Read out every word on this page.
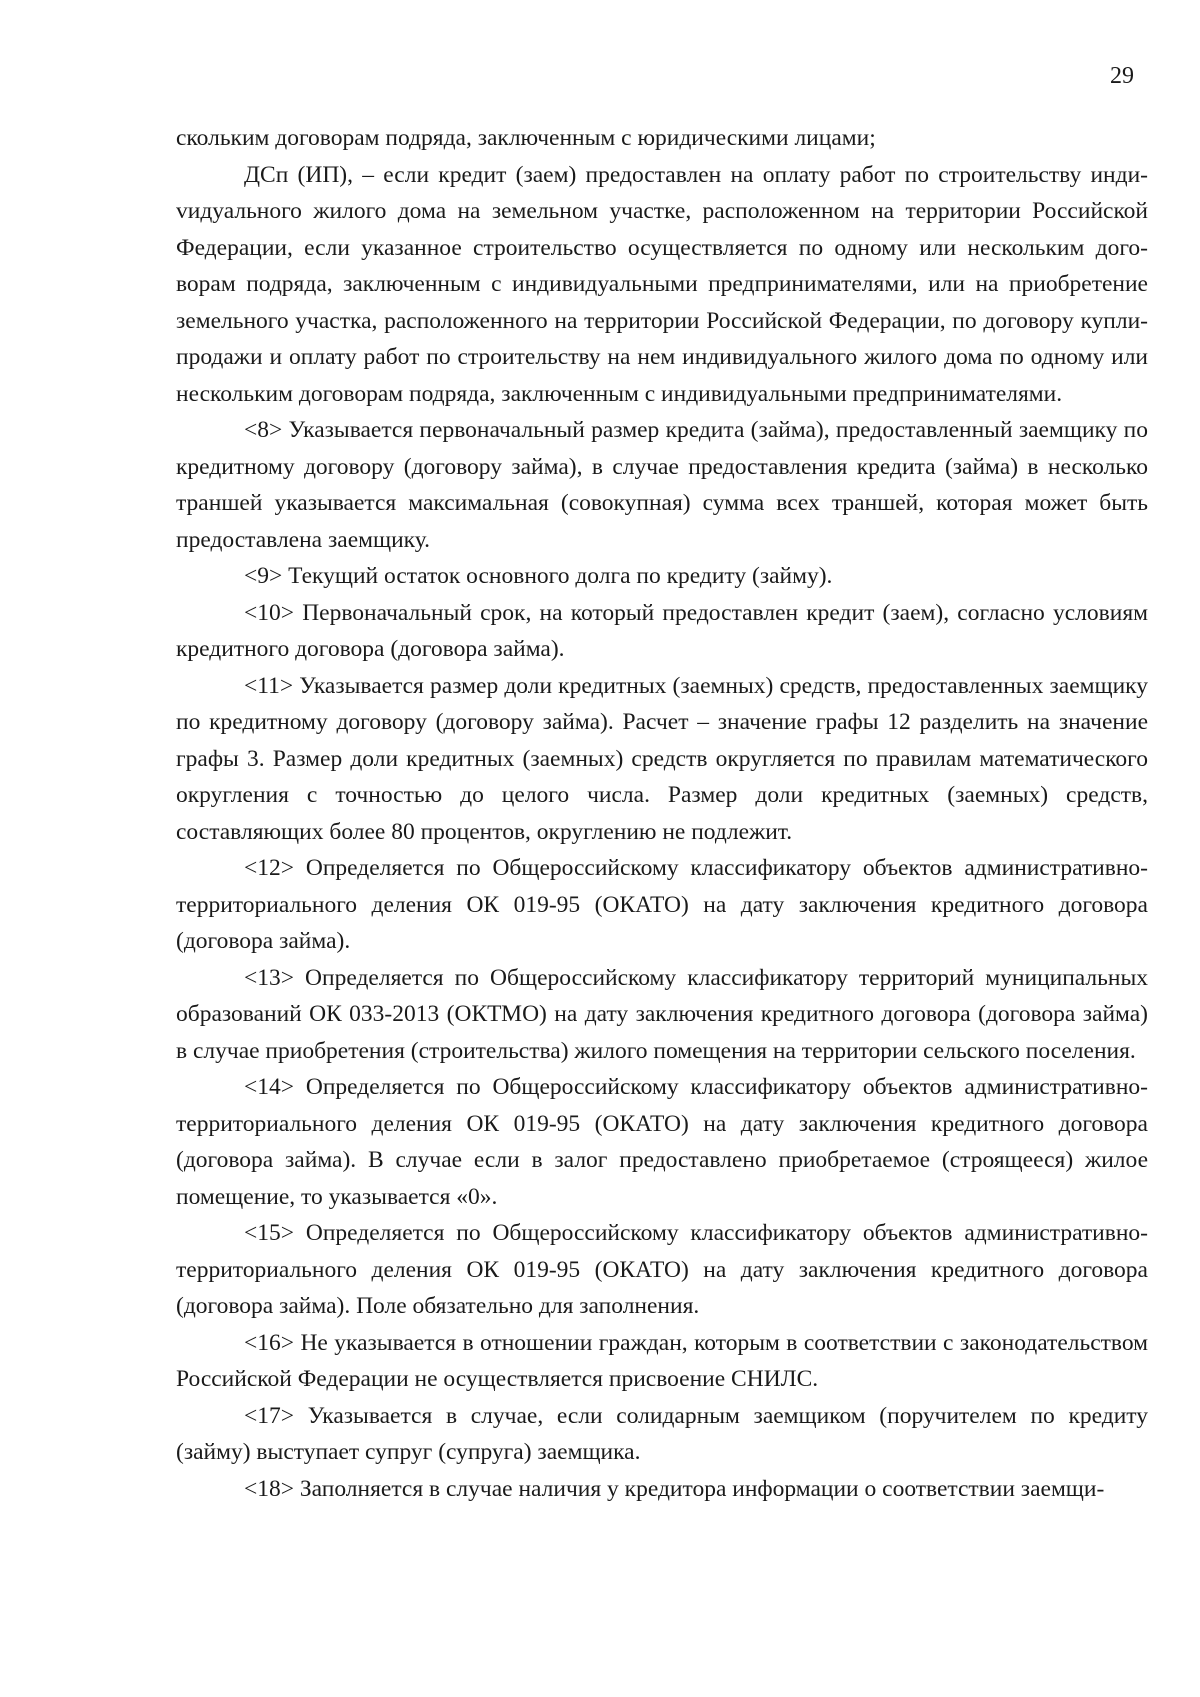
29

скольким договорам подряда, заключенным с юридическими лицами;

ДСп (ИП), – если кредит (заем) предоставлен на оплату работ по строительству индиvидуального жилого дома на земельном участке, расположенном на территории Российской Федерации, если указанное строительство осуществляется по одному или нескольким договорам подряда, заключенным с индивидуальными предпринимателями, или на приобретение земельного участка, расположенного на территории Российской Федерации, по договору купли-продажи и оплату работ по строительству на нем индивидуального жилого дома по одному или нескольким договорам подряда, заключенным с индивидуальными предпринимателями.

<8> Указывается первоначальный размер кредита (займа), предоставленный заемщику по кредитному договору (договору займа), в случае предоставления кредита (займа) в несколько траншей указывается максимальная (совокупная) сумма всех траншей, которая может быть предоставлена заемщику.

<9> Текущий остаток основного долга по кредиту (займу).

<10> Первоначальный срок, на который предоставлен кредит (заем), согласно условиям кредитного договора (договора займа).

<11> Указывается размер доли кредитных (заемных) средств, предоставленных заемщику по кредитному договору (договору займа). Расчет – значение графы 12 разделить на значение графы 3. Размер доли кредитных (заемных) средств округляется по правилам математического округления с точностью до целого числа. Размер доли кредитных (заемных) средств, составляющих более 80 процентов, округлению не подлежит.

<12> Определяется по Общероссийскому классификатору объектов административно-территориального деления ОК 019-95 (ОКАТО) на дату заключения кредитного договора (договора займа).

<13> Определяется по Общероссийскому классификатору территорий муниципальных образований ОК 033-2013 (ОКТМО) на дату заключения кредитного договора (договора займа) в случае приобретения (строительства) жилого помещения на территории сельского поселения.

<14> Определяется по Общероссийскому классификатору объектов административно-территориального деления ОК 019-95 (ОКАТО) на дату заключения кредитного договора (договора займа). В случае если в залог предоставлено приобретаемое (строящееся) жилое помещение, то указывается «0».

<15> Определяется по Общероссийскому классификатору объектов административно-территориального деления ОК 019-95 (ОКАТО) на дату заключения кредитного договора (договора займа). Поле обязательно для заполнения.

<16> Не указывается в отношении граждан, которым в соответствии с законодательством Российской Федерации не осуществляется присвоение СНИЛС.

<17> Указывается в случае, если солидарным заемщиком (поручителем по кредиту (займу) выступает супруг (супруга) заемщика.

<18> Заполняется в случае наличия у кредитора информации о соответствии заемщи-
